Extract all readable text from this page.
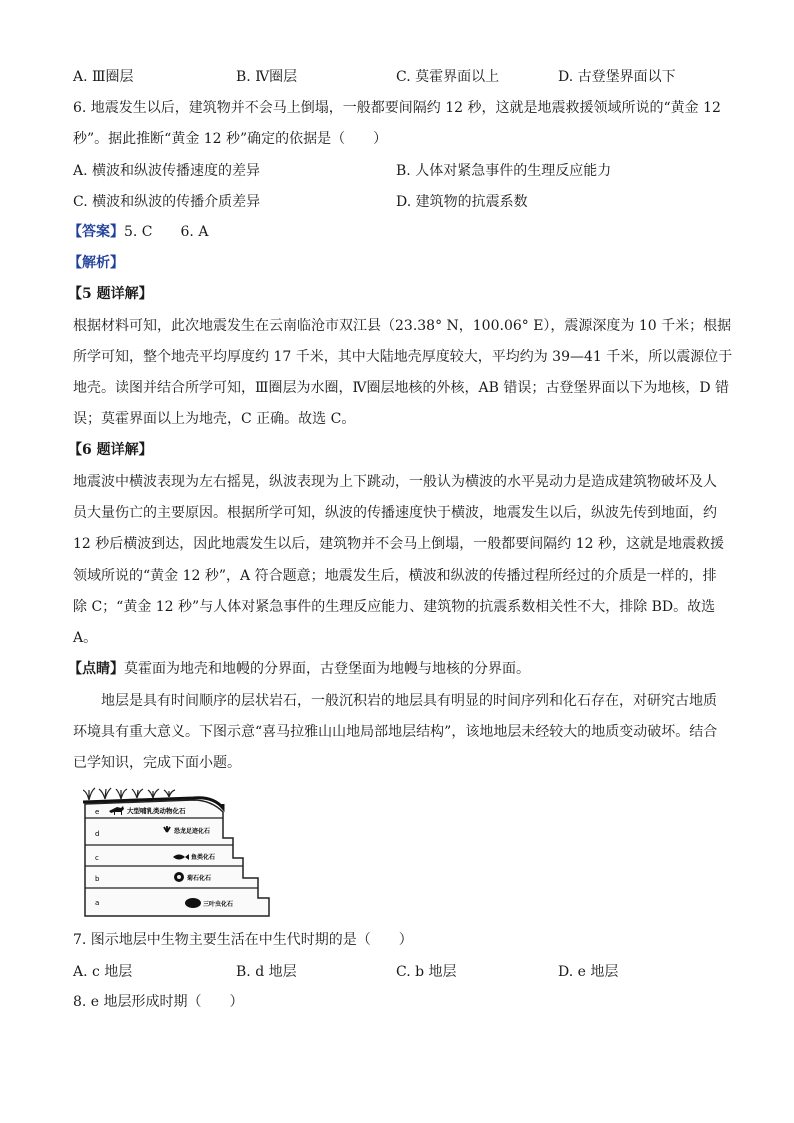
A. Ⅲ圈层	B. Ⅳ圈层	C. 莫霍界面以上	D. 古登堡界面以下
6. 地震发生以后，建筑物并不会马上倒塌，一般都要间隔约 12 秒，这就是地震救援领域所说的“黄金 12
秒”。据此推断“黄金 12 秒”确定的依据是（　　）
A. 横波和纵波传播速度的差异	B. 人体对紧急事件的生理反应能力
C. 横波和纵波的传播介质差异	D. 建筑物的抗震系数
【答案】5. C　　6. A
【解析】
【5 题详解】
根据材料可知，此次地震发生在云南临沧市双江县（23.38° N，100.06° E），震源深度为 10 千米；根据
所学可知，整个地壳平均厚度约 17 千米，其中大陆地壳厚度较大，平均约为 39—41 千米，所以震源位于
地壳。读图并结合所学可知，Ⅲ圈层为水圈，Ⅳ圈层地核的外核，AB 错误；古登堡界面以下为地核，D 错
误；莫霍界面以上为地壳，C 正确。故选 C。
【6 题详解】
地震波中横波表现为左右摇晃，纵波表现为上下跳动，一般认为横波的水平晃动力是造成建筑物破坏及人
员大量伤亡的主要原因。根据所学可知，纵波的传播速度快于横波，地震发生以后，纵波先传到地面，约
12 秒后横波到达，因此地震发生以后，建筑物并不会马上倒塌，一般都要间隔约 12 秒，这就是地震救援
领域所说的“黄金 12 秒”，A 符合题意；地震发生后，横波和纵波的传播过程所经过的介质是一样的，排
除 C；“黄金 12 秒”与人体对紧急事件的生理反应能力、建筑物的抗震系数相关性不大，排除 BD。故选
A。
【点睛】莫霍面为地壳和地幔的分界面，古登堡面为地幔与地核的分界面。
　　地层是具有时间顺序的层状岩石，一般沉积岩的地层具有明显的时间序列和化石存在，对研究古地质
环境具有重大意义。下图示意“喜马拉雅山山地局部地层结构”，该地地层未经较大的地质变动破坏。结合
已学知识，完成下面小题。
e
d
c
b
a
大型哺乳类动物化石
恐龙足迹化石
鱼类化石
菊石化石
三叶虫化石
7. 图示地层中生物主要生活在中生代时期的是（　　）
A. c 地层	B. d 地层	C. b 地层	D. e 地层
8. e 地层形成时期（　　）
